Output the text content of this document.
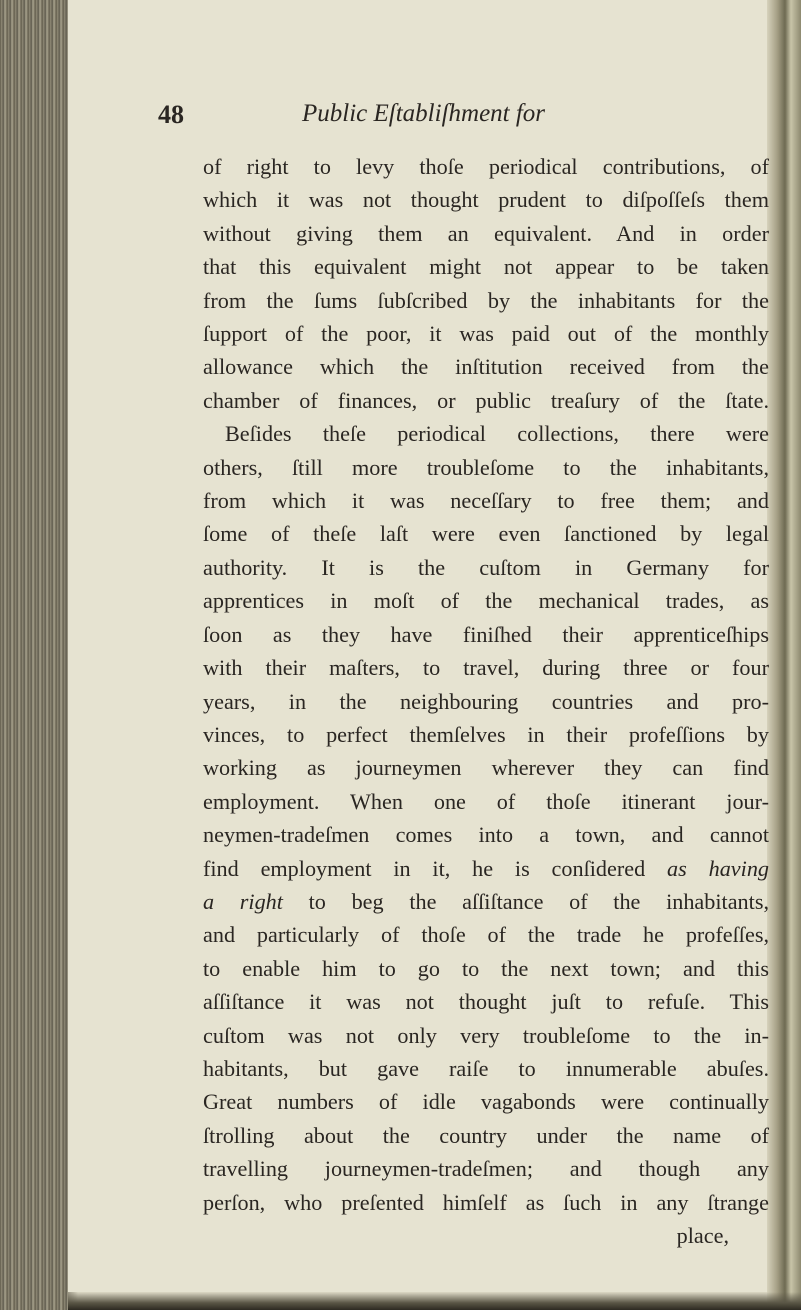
48	Public Eſtabliſhment for
of right to levy thoſe periodical contributions, of
which it was not thought prudent to diſpoſſeſs them
without giving them an equivalent. And in order
that this equivalent might not appear to be taken
from the ſums ſubſcribed by the inhabitants for the
ſupport of the poor, it was paid out of the monthly
allowance which the inſtitution received from the
chamber of finances, or public treaſury of the ſtate.
Beſides theſe periodical collections, there were
others, ſtill more troubleſome to the inhabitants,
from which it was neceſſary to free them; and
ſome of theſe laſt were even ſanctioned by legal
authority. It is the cuſtom in Germany for
apprentices in moſt of the mechanical trades, as
ſoon as they have finiſhed their apprenticeſhips
with their maſters, to travel, during three or four
years, in the neighbouring countries and pro-
vinces, to perfect themſelves in their profeſſions by
working as journeymen wherever they can find
employment. When one of thoſe itinerant jour-
neymen-tradeſmen comes into a town, and cannot
find employment in it, he is conſidered as having
a right to beg the aſſiſtance of the inhabitants,
and particularly of thoſe of the trade he profeſſes,
to enable him to go to the next town; and this
aſſiſtance it was not thought juſt to refuſe. This
cuſtom was not only very troubleſome to the in-
habitants, but gave raiſe to innumerable abuſes.
Great numbers of idle vagabonds were continually
ſtrolling about the country under the name of
travelling journeymen-tradeſmen; and though any
perſon, who preſented himſelf as ſuch in any ſtrange
place,
